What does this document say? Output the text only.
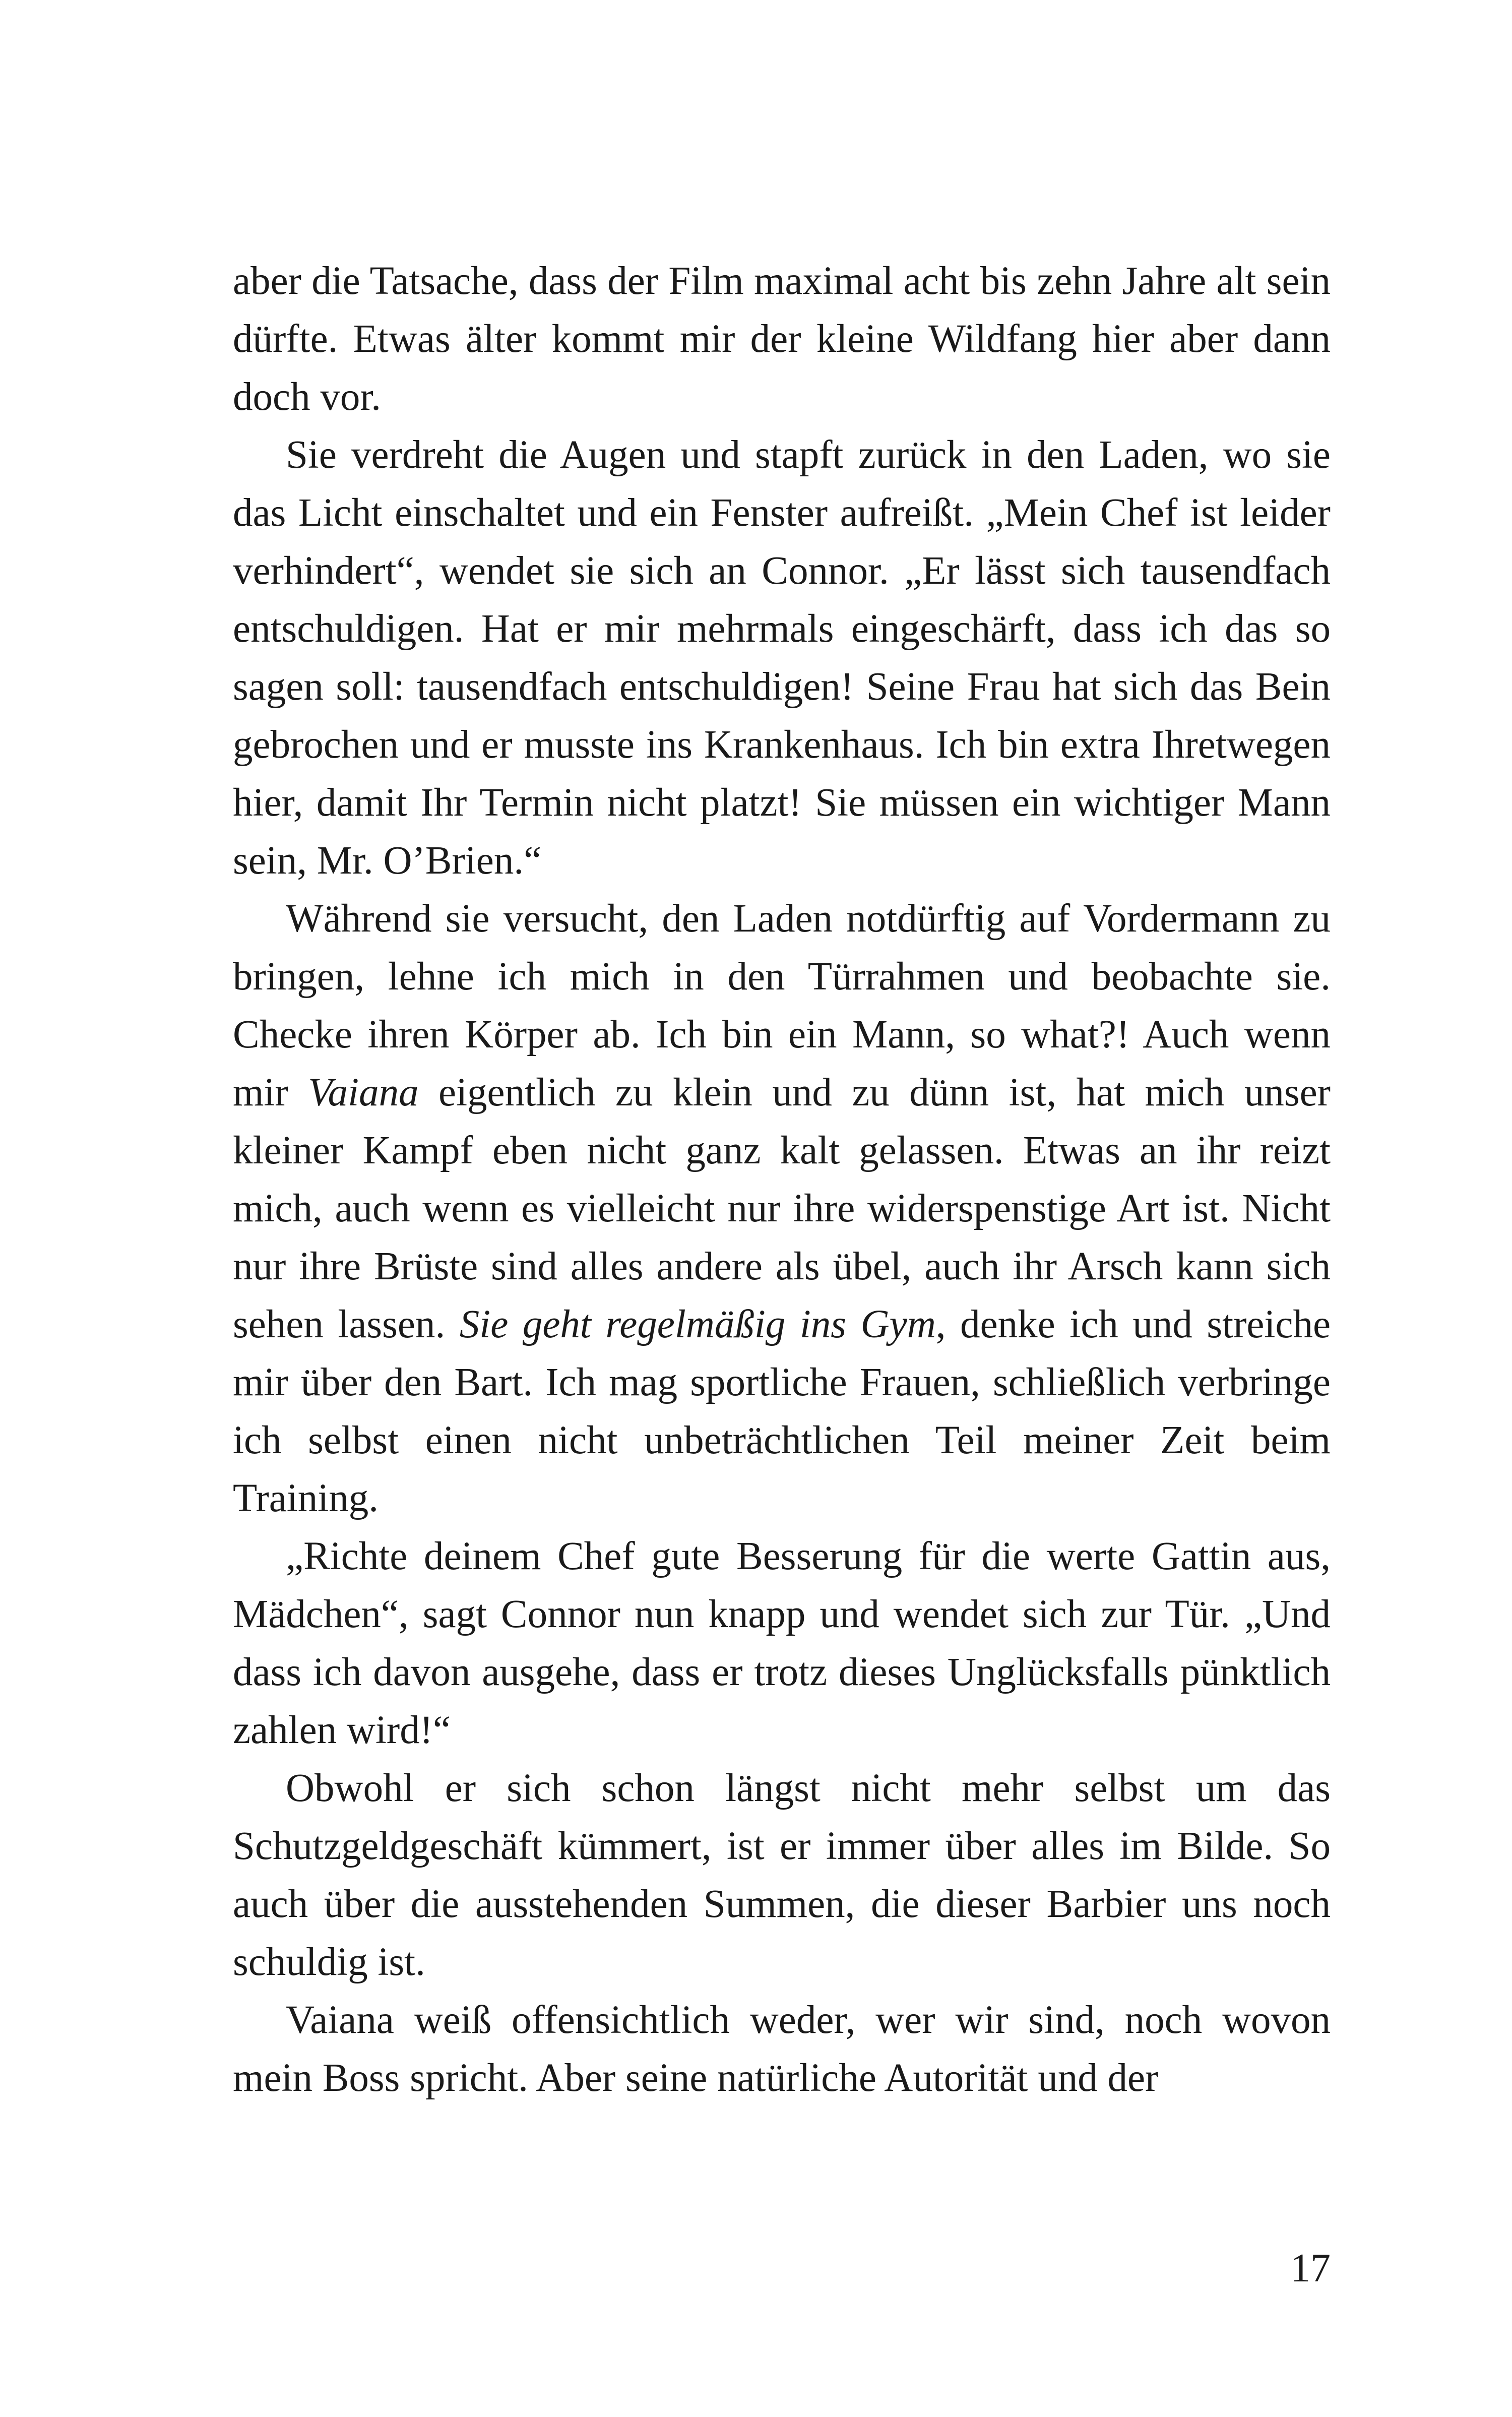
aber die Tatsache, dass der Film maximal acht bis zehn Jahre alt sein dürfte. Etwas älter kommt mir der kleine Wildfang hier aber dann doch vor.

Sie verdreht die Augen und stapft zurück in den Laden, wo sie das Licht einschaltet und ein Fenster aufreißt. „Mein Chef ist leider verhindert“, wendet sie sich an Connor. „Er lässt sich tausendfach entschuldigen. Hat er mir mehrmals eingeschärft, dass ich das so sagen soll: tausendfach entschuldigen! Seine Frau hat sich das Bein gebrochen und er musste ins Krankenhaus. Ich bin extra Ihretwegen hier, damit Ihr Termin nicht platzt! Sie müssen ein wichtiger Mann sein, Mr. O’Brien.“

Während sie versucht, den Laden notdürftig auf Vordermann zu bringen, lehne ich mich in den Türrahmen und beobachte sie. Checke ihren Körper ab. Ich bin ein Mann, so what?! Auch wenn mir Vaiana eigentlich zu klein und zu dünn ist, hat mich unser kleiner Kampf eben nicht ganz kalt gelassen. Etwas an ihr reizt mich, auch wenn es vielleicht nur ihre widerspenstige Art ist. Nicht nur ihre Brüste sind alles andere als übel, auch ihr Arsch kann sich sehen lassen. Sie geht regelmäßig ins Gym, denke ich und streiche mir über den Bart. Ich mag sportliche Frauen, schließlich verbringe ich selbst einen nicht unbeträchtlichen Teil meiner Zeit beim Training.

„Richte deinem Chef gute Besserung für die werte Gattin aus, Mädchen“, sagt Connor nun knapp und wendet sich zur Tür. „Und dass ich davon ausgehe, dass er trotz dieses Unglücksfalls pünktlich zahlen wird!“

Obwohl er sich schon längst nicht mehr selbst um das Schutzgeldgeschäft kümmert, ist er immer über alles im Bilde. So auch über die ausstehenden Summen, die dieser Barbier uns noch schuldig ist.

Vaiana weiß offensichtlich weder, wer wir sind, noch wovon mein Boss spricht. Aber seine natürliche Autorität und der

17
